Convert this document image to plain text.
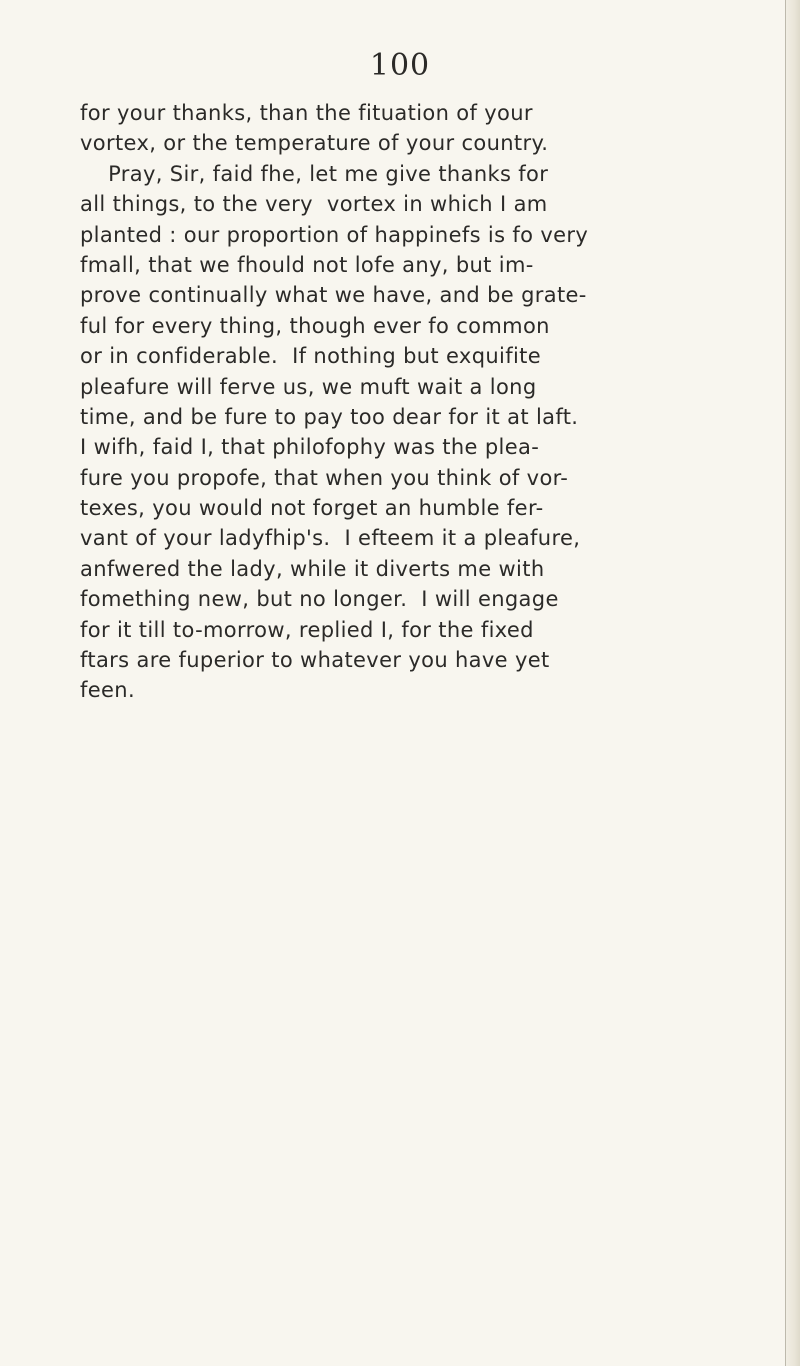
100
for your thanks, than the fituation of your
vortex, or the temperature of your country.
Pray, Sir, faid fhe, let me give thanks for
all things, to the very  vortex in which I am
planted : our proportion of happinefs is fo very
fmall, that we fhould not lofe any, but im-
prove continually what we have, and be grate-
ful for every thing, though ever fo common
or in confiderable.  If nothing but exquifite
pleafure will ferve us, we muft wait a long
time, and be fure to pay too dear for it at laft.
I wifh, faid I, that philofophy was the plea-
fure you propofe, that when you think of vor-
texes, you would not forget an humble fer-
vant of your ladyfhip's.  I efteem it a pleafure,
anfwered the lady, while it diverts me with
fomething new, but no longer.  I will engage
for it till to-morrow, replied I, for the fixed
ftars are fuperior to whatever you have yet
feen.
